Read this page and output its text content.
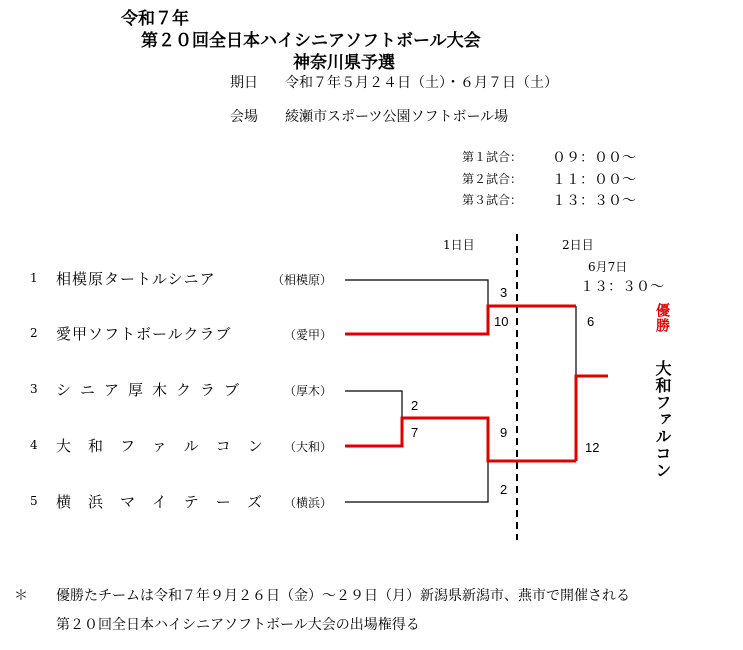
令和７年
第２０回全日本ハイシニアソフトボール大会
神奈川県予選
期日 令和７年５月２４日（土）・６月７日（土）
会場 綾瀬市スポーツ公園ソフトボール場
第１試合： ０９：００～
第２試合： １１：００～
第３試合： １３：３０～
1日目	2日目
6月7日
１３：３０～
1 相模原タートルシニア	（相模原）
2 愛甲ソフトボールクラブ	（愛甲）
3 シニア厚木クラブ	（厚木）
4 大和ファルコン （大和）
5 横浜マイテーズ （横浜）
3
10
2
7	9
2
6
12
優勝
大和ファルコン
＊ 優勝たチームは令和７年９月２６日（金）～２９日（月）新潟県新潟市、燕市で開催される
第２０回全日本ハイシニアソフトボール大会の出場権得る
